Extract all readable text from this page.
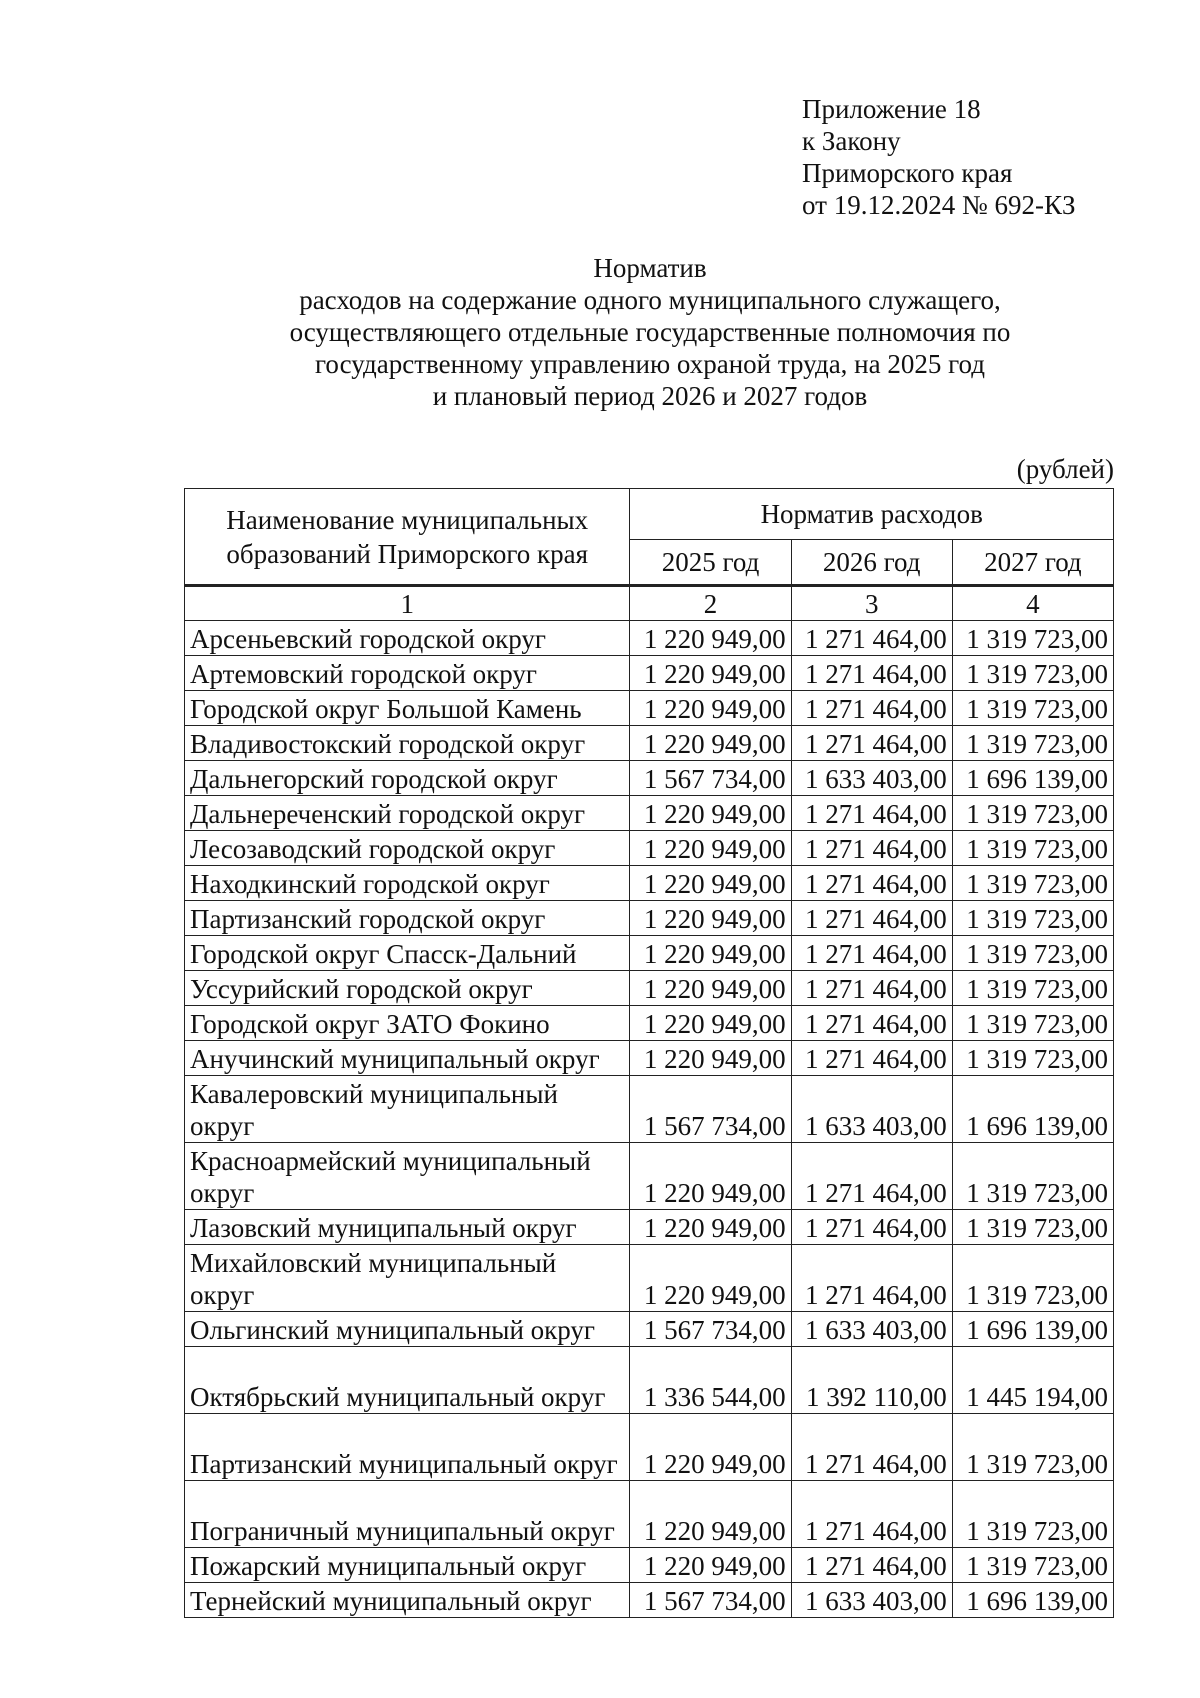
Приложение 18
к Закону
Приморского края
от 19.12.2024 № 692-КЗ
Норматив
расходов на содержание одного муниципального служащего,
осуществляющего отдельные государственные полномочия по
государственному управлению охраной труда, на 2025 год
и плановый период 2026 и 2027 годов
(рублей)
Наименование муниципальных образований Приморского края	Норматив расходов		
	2025 год	2026 год	2027 год
1	2	3	4
Арсеньевский городской округ	1 220 949,00	1 271 464,00	1 319 723,00
Артемовский городской округ	1 220 949,00	1 271 464,00	1 319 723,00
Городской округ Большой Камень	1 220 949,00	1 271 464,00	1 319 723,00
Владивостокский городской округ	1 220 949,00	1 271 464,00	1 319 723,00
Дальнегорский городской округ	1 567 734,00	1 633 403,00	1 696 139,00
Дальнереченский городской округ	1 220 949,00	1 271 464,00	1 319 723,00
Лесозаводский городской округ	1 220 949,00	1 271 464,00	1 319 723,00
Находкинский городской округ	1 220 949,00	1 271 464,00	1 319 723,00
Партизанский городской округ	1 220 949,00	1 271 464,00	1 319 723,00
Городской округ Спасск-Дальний	1 220 949,00	1 271 464,00	1 319 723,00
Уссурийский городской округ	1 220 949,00	1 271 464,00	1 319 723,00
Городской округ ЗАТО Фокино	1 220 949,00	1 271 464,00	1 319 723,00
Анучинский муниципальный округ	1 220 949,00	1 271 464,00	1 319 723,00
Кавалеровский муниципальный округ	1 567 734,00	1 633 403,00	1 696 139,00
Красноармейский муниципальный округ	1 220 949,00	1 271 464,00	1 319 723,00
Лазовский муниципальный округ	1 220 949,00	1 271 464,00	1 319 723,00
Михайловский муниципальный округ	1 220 949,00	1 271 464,00	1 319 723,00
Ольгинский муниципальный округ	1 567 734,00	1 633 403,00	1 696 139,00
Октябрьский муниципальный округ	1 336 544,00	1 392 110,00	1 445 194,00
Партизанский муниципальный округ	1 220 949,00	1 271 464,00	1 319 723,00
Пограничный муниципальный округ	1 220 949,00	1 271 464,00	1 319 723,00
Пожарский муниципальный округ	1 220 949,00	1 271 464,00	1 319 723,00
Тернейский муниципальный округ	1 567 734,00	1 633 403,00	1 696 139,00
